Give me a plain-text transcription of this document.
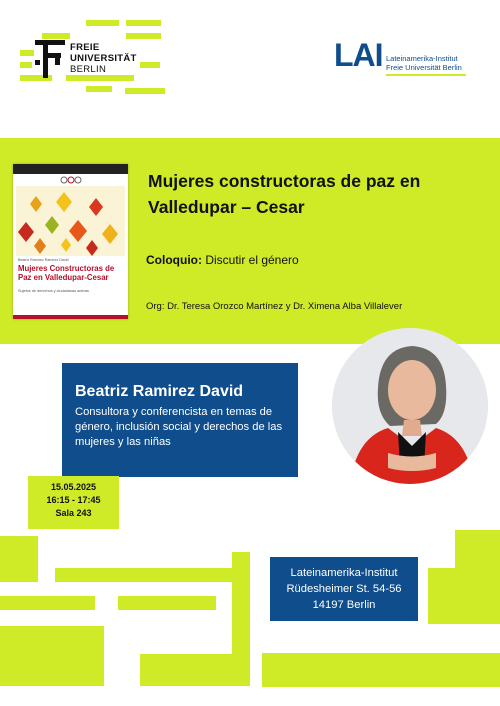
FREIE
UNIVERSITÄT
BERLIN	LAI Lateinamerika-Institut
Freie Universität Berlin
Beatriz Ramírez Ramírez David
Mujeres Constructoras de Paz en Valledupar-Cesar
Sujetos de derechos y ciudadanas activas
Mujeres constructoras de paz en Valledupar – Cesar
Coloquio: Discutir el género
Org: Dr. Teresa Orozco Martínez y Dr. Ximena Alba Villalever
Beatriz Ramirez David
Consultora y conferencista en temas de género, inclusión social y derechos de las mujeres y las niñas
15.05.2025
16:15 - 17:45
Sala 243
Lateinamerika-Institut
Rüdesheimer St. 54-56
14197 Berlin
